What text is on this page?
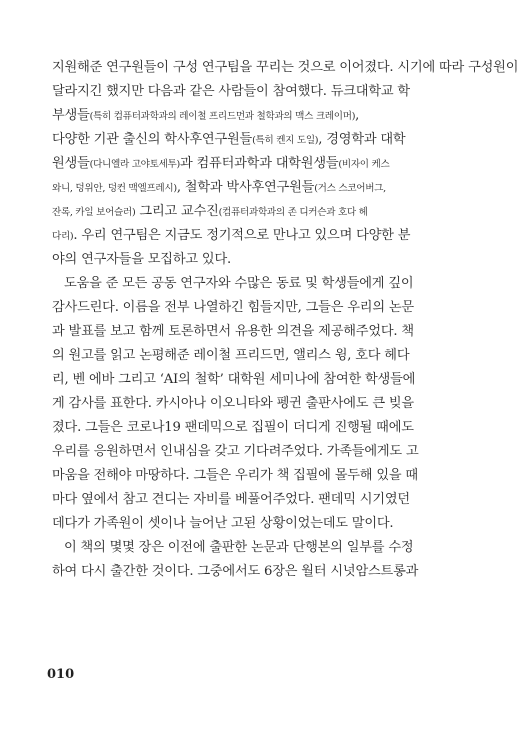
지원해준 연구원들이 구성 연구팀을 꾸리는 것으로 이어졌다. 시기에 따라 구성원이
달라지긴 했지만 다음과 같은 사람들이 참여했다. 듀크대학교 학
부생들(특히 컴퓨터과학과의 레이철 프리드먼과 철학과의 맥스 크레이머),
다양한 기관 출신의 학사후연구원들(특히 켄지 도일), 경영학과 대학
원생들(다니엘라 고야토세투)과 컴퓨터과학과 대학원생들(비자이 케스
와니, 덩위안, 덩컨 맥엘프레시), 철학과 박사후연구원들(거스 스코어버그,
잔록, 카일 보어슬러) 그리고 교수진(컴퓨터과학과의 존 디커슨과 호다 헤
다리). 우리 연구팀은 지금도 정기적으로 만나고 있으며 다양한 분
야의 연구자들을 모집하고 있다.
도움을 준 모든 공동 연구자와 수많은 동료 및 학생들에게 깊이
감사드린다. 이름을 전부 나열하긴 힘들지만, 그들은 우리의 논문
과 발표를 보고 함께 토론하면서 유용한 의견을 제공해주었다. 책
의 원고를 읽고 논평해준 레이철 프리드먼, 앨리스 윙, 호다 헤다
리, 벤 에바 그리고 ‘AI의 철학’ 대학원 세미나에 참여한 학생들에
게 감사를 표한다. 카시아나 이오니타와 펭귄 출판사에도 큰 빚을
졌다. 그들은 코로나19 팬데믹으로 집필이 더디게 진행될 때에도
우리를 응원하면서 인내심을 갖고 기다려주었다. 가족들에게도 고
마움을 전해야 마땅하다. 그들은 우리가 책 집필에 몰두해 있을 때
마다 옆에서 참고 견디는 자비를 베풀어주었다. 팬데믹 시기였던
데다가 가족원이 셋이나 늘어난 고된 상황이었는데도 말이다.
이 책의 몇몇 장은 이전에 출판한 논문과 단행본의 일부를 수정
하여 다시 출간한 것이다. 그중에서도 6장은 월터 시넛암스트롱과
010
